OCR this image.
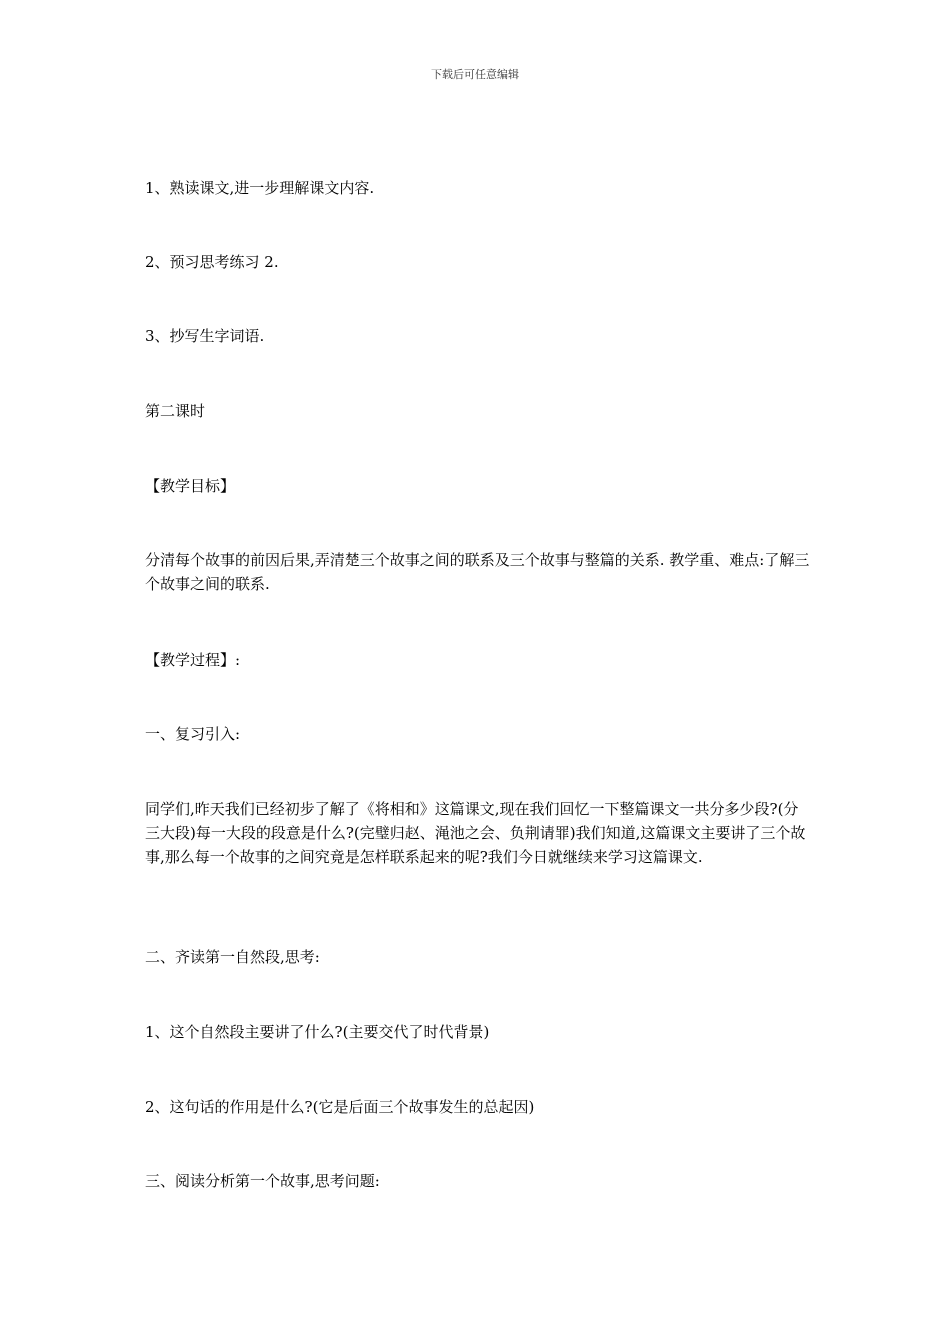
下载后可任意编辑

1、熟读课文,进一步理解课文内容.

2、预习思考练习 2.

3、抄写生字词语.

第二课时

【教学目标】

分清每个故事的前因后果,弄清楚三个故事之间的联系及三个故事与整篇的关系. 教学重、难点:了解三个故事之间的联系.

【教学过程】:

一、复习引入:

同学们,昨天我们已经初步了解了《将相和》这篇课文,现在我们回忆一下整篇课文一共分多少段?(分三大段)每一大段的段意是什么?(完璧归赵、渑池之会、负荆请罪)我们知道,这篇课文主要讲了三个故事,那么每一个故事的之间究竟是怎样联系起来的呢?我们今日就继续来学习这篇课文.

二、齐读第一自然段,思考:

1、这个自然段主要讲了什么?(主要交代了时代背景)

2、这句话的作用是什么?(它是后面三个故事发生的总起因)

三、阅读分析第一个故事,思考问题:
